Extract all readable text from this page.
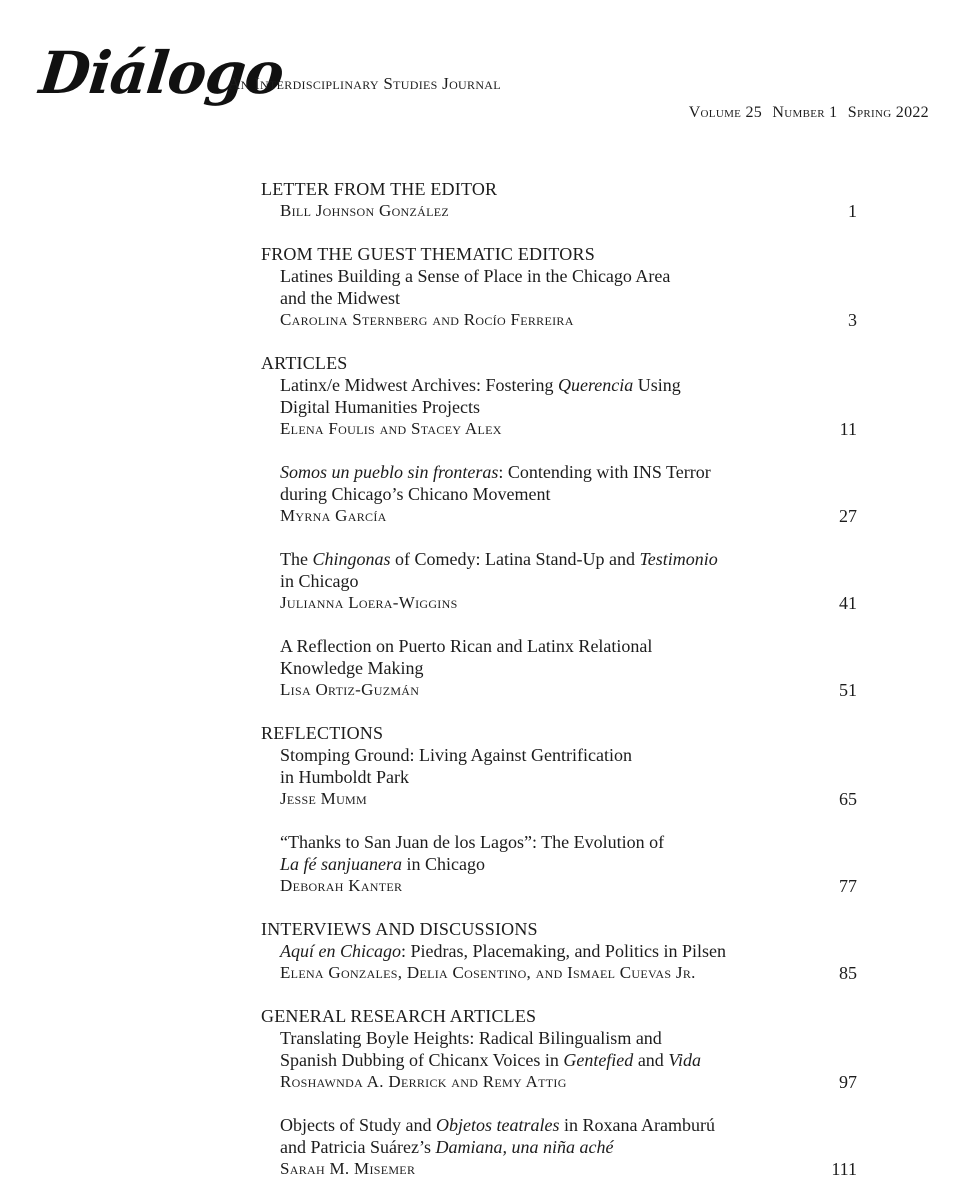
Diálogo
An Interdisciplinary Studies Journal
Volume 25 Number 1 Spring 2022
LETTER FROM THE EDITOR
Bill Johnson González	1
FROM THE GUEST THEMATIC EDITORS
Latines Building a Sense of Place in the Chicago Area
and the Midwest
Carolina Sternberg and Rocío Ferreira	3
ARTICLES
Latinx/e Midwest Archives: Fostering Querencia Using
Digital Humanities Projects
Elena Foulis and Stacey Alex	11
Somos un pueblo sin fronteras: Contending with INS Terror
during Chicago’s Chicano Movement
Myrna García	27
The Chingonas of Comedy: Latina Stand-Up and Testimonio
in Chicago
Julianna Loera-Wiggins	41
A Reflection on Puerto Rican and Latinx Relational
Knowledge Making
Lisa Ortiz-Guzmán	51
REFLECTIONS
Stomping Ground: Living Against Gentrification
in Humboldt Park
Jesse Mumm	65
“Thanks to San Juan de los Lagos”: The Evolution of
La fé sanjuanera in Chicago
Deborah Kanter	77
INTERVIEWS AND DISCUSSIONS
Aquí en Chicago: Piedras, Placemaking, and Politics in Pilsen
Elena Gonzales, Delia Cosentino, and Ismael Cuevas Jr.	85
GENERAL RESEARCH ARTICLES
Translating Boyle Heights: Radical Bilingualism and
Spanish Dubbing of Chicanx Voices in Gentefied and Vida
Roshawnda A. Derrick and Remy Attig	97
Objects of Study and Objetos teatrales in Roxana Aramburú
and Patricia Suárez’s Damiana, una niña aché
Sarah M. Misemer	111
